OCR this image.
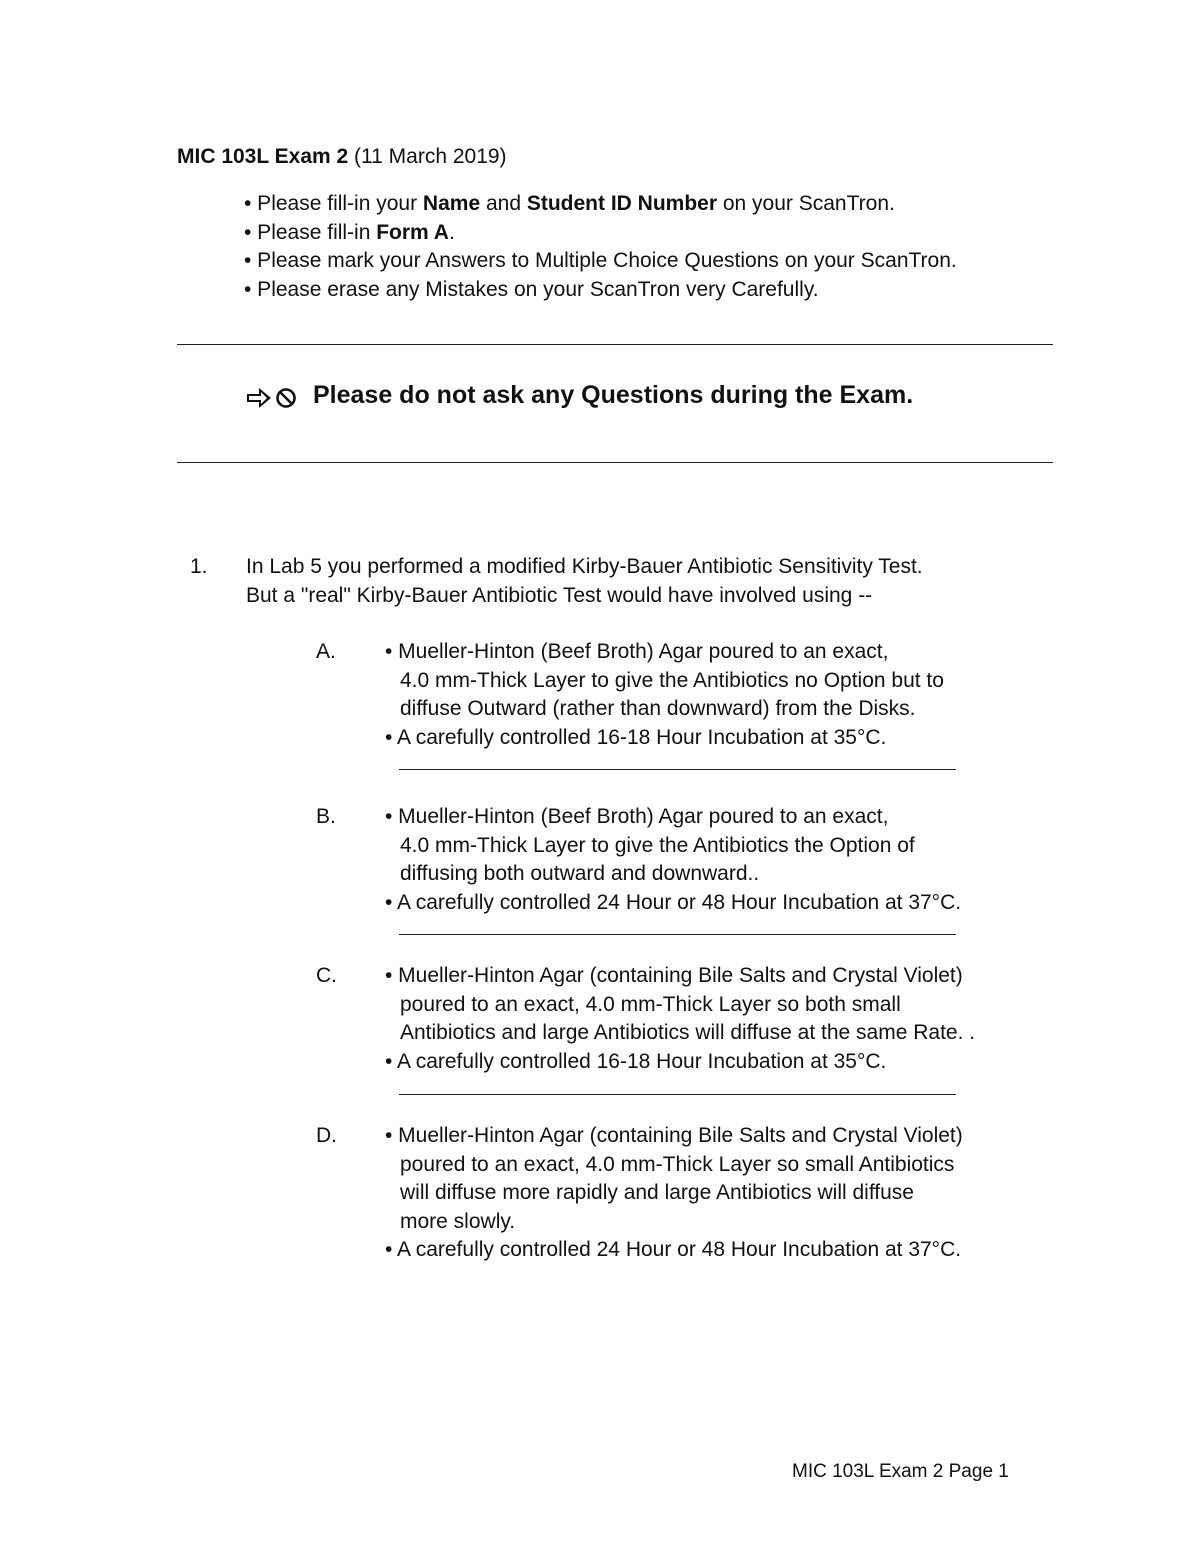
MIC 103L Exam 2 (11 March 2019)
• Please fill-in your Name and Student ID Number on your ScanTron.
• Please fill-in Form A.
• Please mark your Answers to Multiple Choice Questions on your ScanTron.
• Please erase any Mistakes on your ScanTron very Carefully.
Please do not ask any Questions during the Exam.
1. In Lab 5 you performed a modified Kirby-Bauer Antibiotic Sensitivity Test.
But a "real" Kirby-Bauer Antibiotic Test would have involved using --
A. • Mueller-Hinton (Beef Broth) Agar poured to an exact,
4.0 mm-Thick Layer to give the Antibiotics no Option but to
diffuse Outward (rather than downward) from the Disks.
• A carefully controlled 16-18 Hour Incubation at 35°C.
B. • Mueller-Hinton (Beef Broth) Agar poured to an exact,
4.0 mm-Thick Layer to give the Antibiotics the Option of
diffusing both outward and downward..
• A carefully controlled 24 Hour or 48 Hour Incubation at 37°C.
C. • Mueller-Hinton Agar (containing Bile Salts and Crystal Violet)
poured to an exact, 4.0 mm-Thick Layer so both small
Antibiotics and large Antibiotics will diffuse at the same Rate. .
• A carefully controlled 16-18 Hour Incubation at 35°C.
D. • Mueller-Hinton Agar (containing Bile Salts and Crystal Violet)
poured to an exact, 4.0 mm-Thick Layer so small Antibiotics
will diffuse more rapidly and large Antibiotics will diffuse
more slowly.
• A carefully controlled 24 Hour or 48 Hour Incubation at 37°C.
MIC 103L Exam 2 Page 1
